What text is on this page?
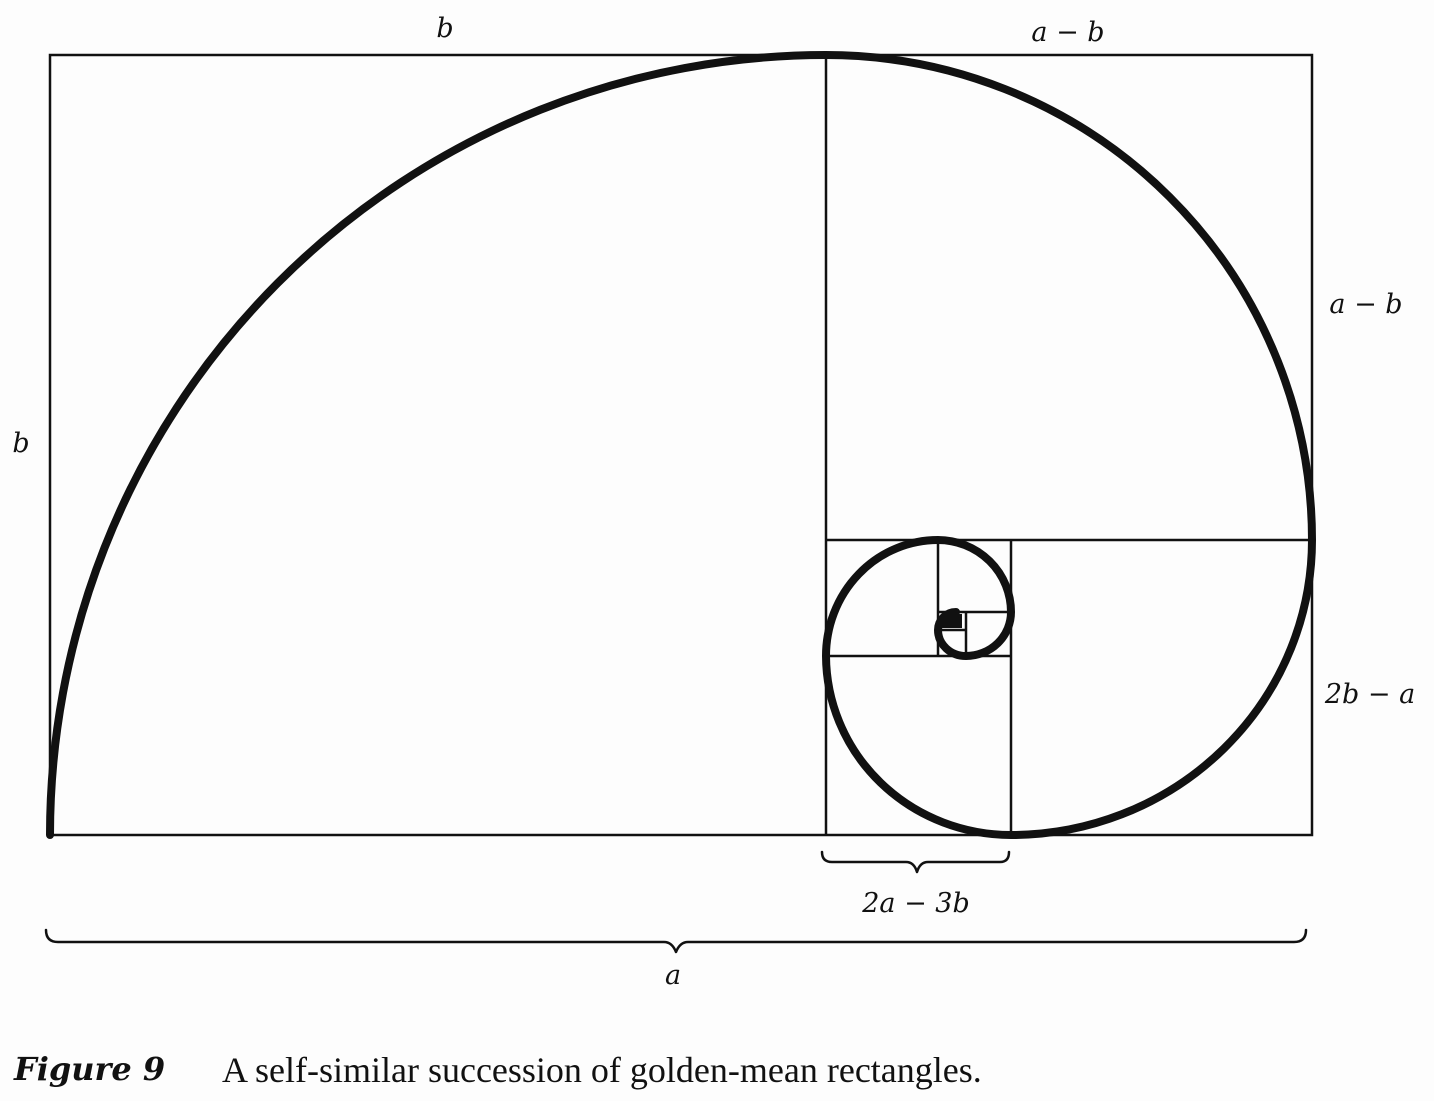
b	a − b
b
a − b
2b − a
2a − 3b
a
Figure 9 A self-similar succession of golden-mean rectangles.
